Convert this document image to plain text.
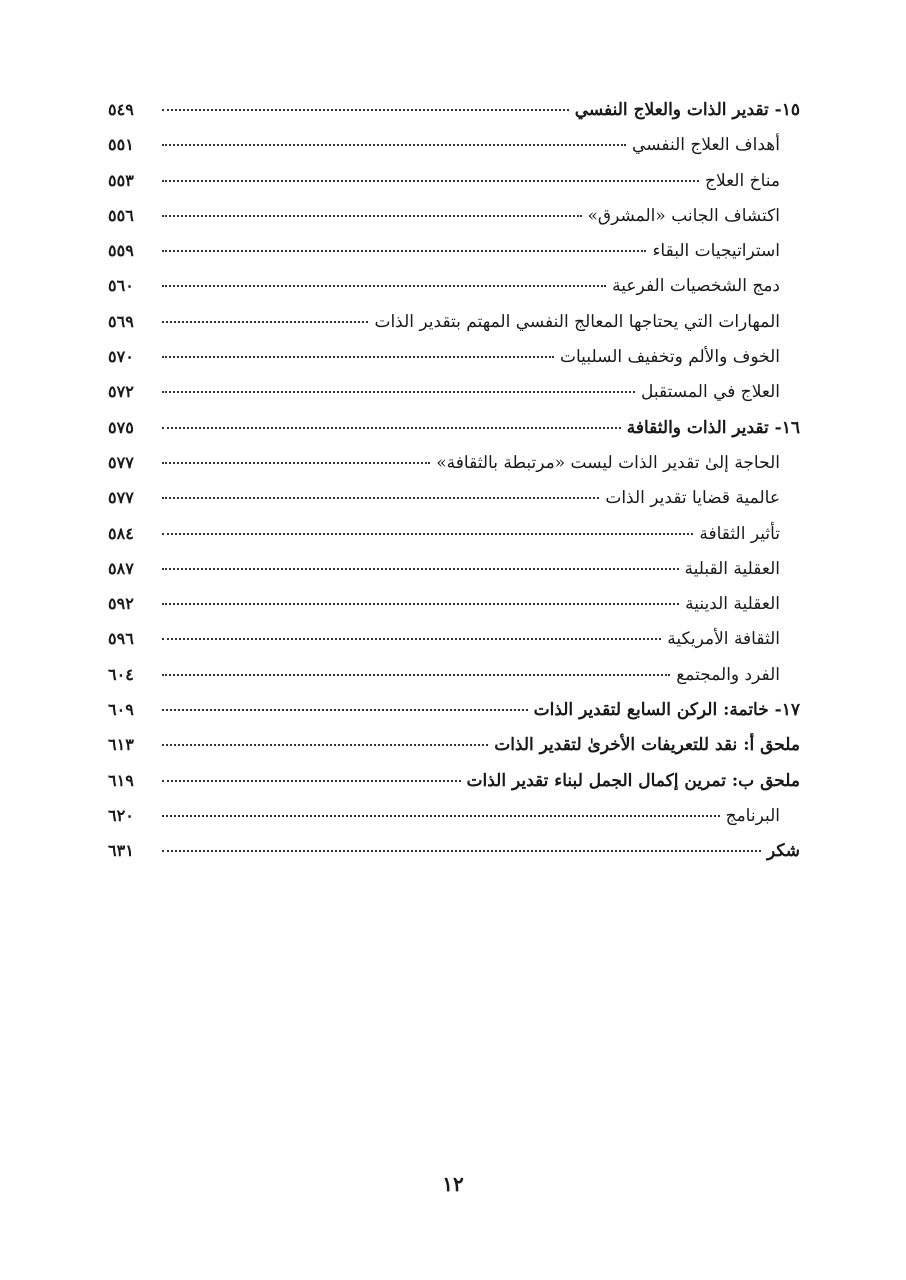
١٥- تقدير الذات والعلاج النفسي
٥٤٩
أهداف العلاج النفسي
٥٥١
مناخ العلاج
٥٥٣
اكتشاف الجانب «المشرق»
٥٥٦
استراتيجيات البقاء
٥٥٩
دمج الشخصيات الفرعية
٥٦٠
المهارات التي يحتاجها المعالج النفسي المهتم بتقدير الذات
٥٦٩
الخوف والألم وتخفيف السلبيات
٥٧٠
العلاج في المستقبل
٥٧٢
١٦- تقدير الذات والثقافة
٥٧٥
الحاجة إلىٰ تقدير الذات ليست «مرتبطة بالثقافة»
٥٧٧
عالمية قضايا تقدير الذات
٥٧٧
تأثير الثقافة
٥٨٤
العقلية القبلية
٥٨٧
العقلية الدينية
٥٩٢
الثقافة الأمريكية
٥٩٦
الفرد والمجتمع
٦٠٤
١٧- خاتمة: الركن السابع لتقدير الذات
٦٠٩
ملحق أ: نقد للتعريفات الأخرىٰ لتقدير الذات
٦١٣
ملحق ب: تمرين إكمال الجمل لبناء تقدير الذات
٦١٩
البرنامج
٦٢٠
شكر
٦٣١
١٢
